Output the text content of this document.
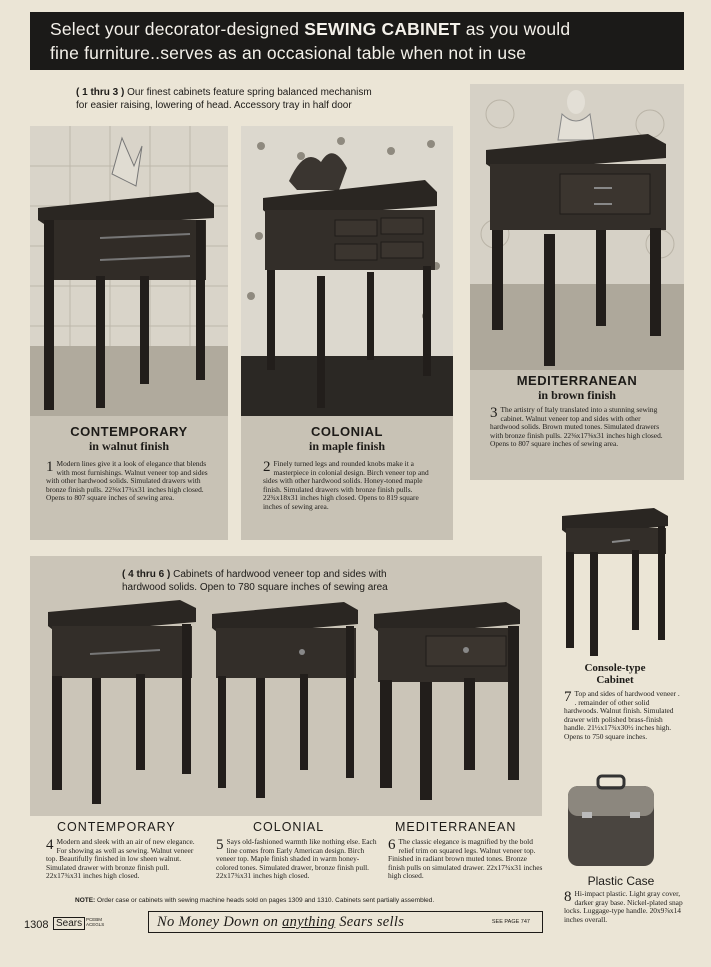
Select your decorator-designed SEWING CABINET as you would
fine furniture..serves as an occasional table when not in use
( 1 thru 3 ) Our finest cabinets feature spring balanced mechanism
for easier raising, lowering of head. Accessory tray in half door
CONTEMPORARY
in walnut finish
1 Modern lines give it a look of elegance that blends with most furnishings. Walnut veneer top and sides with other hardwood solids. Simulated drawers with bronze finish pulls. 22⅜x17¾x31 inches high closed. Opens to 807 square inches of sewing area.
COLONIAL
in maple finish
2 Finely turned legs and rounded knobs make it a masterpiece in colonial design. Birch veneer top and sides with other hardwood solids. Honey-toned maple finish. Simulated drawers with bronze finish pulls. 22¾x18x31 inches high closed. Opens to 819 square inches of sewing area.
MEDITERRANEAN
in brown finish
3 The artistry of Italy translated into a stunning sewing cabinet. Walnut veneer top and sides with other hardwood solids. Brown muted tones. Simulated drawers with bronze finish pulls. 22⅜x17⅝x31 inches high closed. Opens to 807 square inches of sewing area.
( 4 thru 6 ) Cabinets of hardwood veneer top and sides with
hardwood solids. Open to 780 square inches of sewing area
CONTEMPORARY	COLONIAL	MEDITERRANEAN
4 Modern and sleek with an air of new elegance. For showing as well as sewing. Walnut veneer top. Beautifully finished in low sheen walnut. Simulated drawer with bronze finish pull. 22x17¾x31 inches high closed.
5 Says old-fashioned warmth like nothing else. Each line comes from Early American design. Birch veneer top. Maple finish shaded in warm honey-colored tones. Simulated drawer, bronze finish pull. 22x17¾x31 inches high closed.
6 The classic elegance is magnified by the bold relief trim on squared legs. Walnut veneer top. Finished in radiant brown muted tones. Bronze finish pulls on simulated drawer. 22x17¾x31 inches high closed.
Console-type
Cabinet
7 Top and sides of hardwood veneer . . remainder of other solid hardwoods. Walnut finish. Simulated drawer with polished brass-finish handle. 21½x17¾x30½ inches high. Opens to 750 square inches.
Plastic Case
8 Hi-impact plastic. Light gray cover, darker gray base. Nickel-plated snap locks. Luggage-type handle. 20x9⅞x14 inches overall.
NOTE: Order case or cabinets with sewing machine heads sold on pages 1309 and 1310. Cabinets sent partially assembled.
1308 Sears PCEBM
ACEGLS	No Money Down on anything Sears sells	SEE PAGE 747
